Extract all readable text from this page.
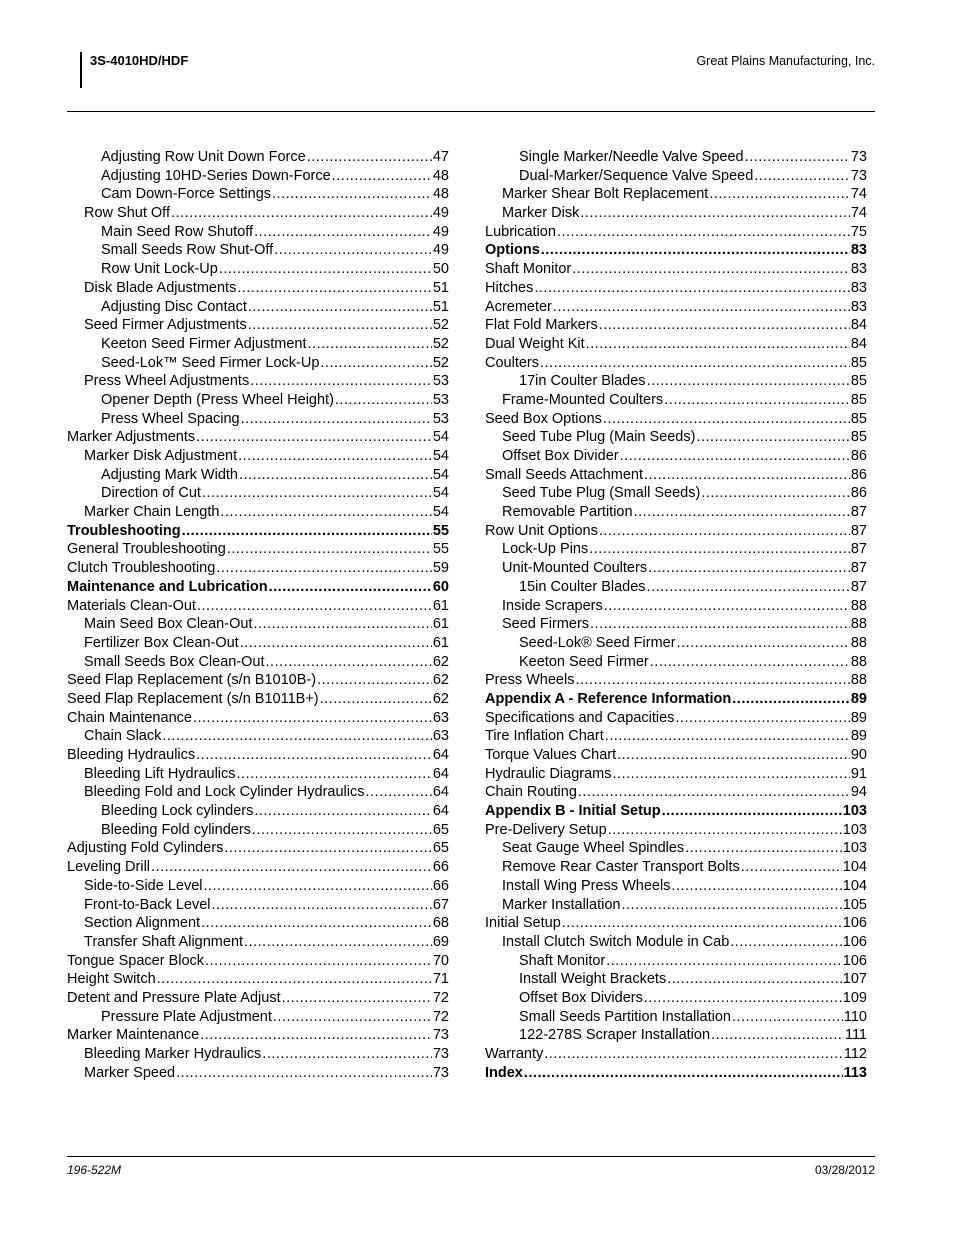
3S-4010HD/HDF	Great Plains Manufacturing, Inc.
Adjusting Row Unit Down Force .....	47
Adjusting 10HD-Series Down-Force .....	48
Cam Down-Force Settings .....	48
Row Shut Off .....	49
Main Seed Row Shutoff .....	49
Small Seeds Row Shut-Off .....	49
Row Unit Lock-Up .....	50
Disk Blade Adjustments .....	51
Adjusting Disc Contact .....	51
Seed Firmer Adjustments .....	52
Keeton Seed Firmer Adjustment .....	52
Seed-Lok™ Seed Firmer Lock-Up .....	52
Press Wheel Adjustments .....	53
Opener Depth (Press Wheel Height) .....	53
Press Wheel Spacing .....	53
Marker Adjustments .....	54
Marker Disk Adjustment .....	54
Adjusting Mark Width .....	54
Direction of Cut .....	54
Marker Chain Length .....	54
Troubleshooting .....	55
General Troubleshooting .....	55
Clutch Troubleshooting .....	59
Maintenance and Lubrication .....	60
Materials Clean-Out .....	61
Main Seed Box Clean-Out .....	61
Fertilizer Box Clean-Out .....	61
Small Seeds Box Clean-Out .....	62
Seed Flap Replacement (s/n B1010B-) .....	62
Seed Flap Replacement (s/n B1011B+) .....	62
Chain Maintenance .....	63
Chain Slack .....	63
Bleeding Hydraulics .....	64
Bleeding Lift Hydraulics .....	64
Bleeding Fold and Lock Cylinder Hydraulics .....	64
Bleeding Lock cylinders .....	64
Bleeding Fold cylinders .....	65
Adjusting Fold Cylinders .....	65
Leveling Drill .....	66
Side-to-Side Level .....	66
Front-to-Back Level .....	67
Section Alignment .....	68
Transfer Shaft Alignment .....	69
Tongue Spacer Block .....	70
Height Switch .....	71
Detent and Pressure Plate Adjust .....	72
Pressure Plate Adjustment .....	72
Marker Maintenance .....	73
Bleeding Marker Hydraulics .....	73
Marker Speed .....	73
Single Marker/Needle Valve Speed .....	73
Dual-Marker/Sequence Valve Speed .....	73
Marker Shear Bolt Replacement .....	74
Marker Disk .....	74
Lubrication .....	75
Options .....	83
Shaft Monitor .....	83
Hitches .....	83
Acremeter .....	83
Flat Fold Markers .....	84
Dual Weight Kit .....	84
Coulters .....	85
17in Coulter Blades .....	85
Frame-Mounted Coulters .....	85
Seed Box Options .....	85
Seed Tube Plug (Main Seeds) .....	85
Offset Box Divider .....	86
Small Seeds Attachment .....	86
Seed Tube Plug (Small Seeds) .....	86
Removable Partition .....	87
Row Unit Options .....	87
Lock-Up Pins .....	87
Unit-Mounted Coulters .....	87
15in Coulter Blades .....	87
Inside Scrapers .....	88
Seed Firmers .....	88
Seed-Lok® Seed Firmer .....	88
Keeton Seed Firmer .....	88
Press Wheels .....	88
Appendix A - Reference Information .....	89
Specifications and Capacities .....	89
Tire Inflation Chart .....	89
Torque Values Chart .....	90
Hydraulic Diagrams .....	91
Chain Routing .....	94
Appendix B - Initial Setup .....	103
Pre-Delivery Setup .....	103
Seat Gauge Wheel Spindles .....	103
Remove Rear Caster Transport Bolts .....	104
Install Wing Press Wheels .....	104
Marker Installation .....	105
Initial Setup .....	106
Install Clutch Switch Module in Cab .....	106
Shaft Monitor .....	106
Install Weight Brackets .....	107
Offset Box Dividers .....	109
Small Seeds Partition Installation .....	110
122-278S Scraper Installation .....	111
Warranty .....	112
Index .....	113
196-522M	03/28/2012
